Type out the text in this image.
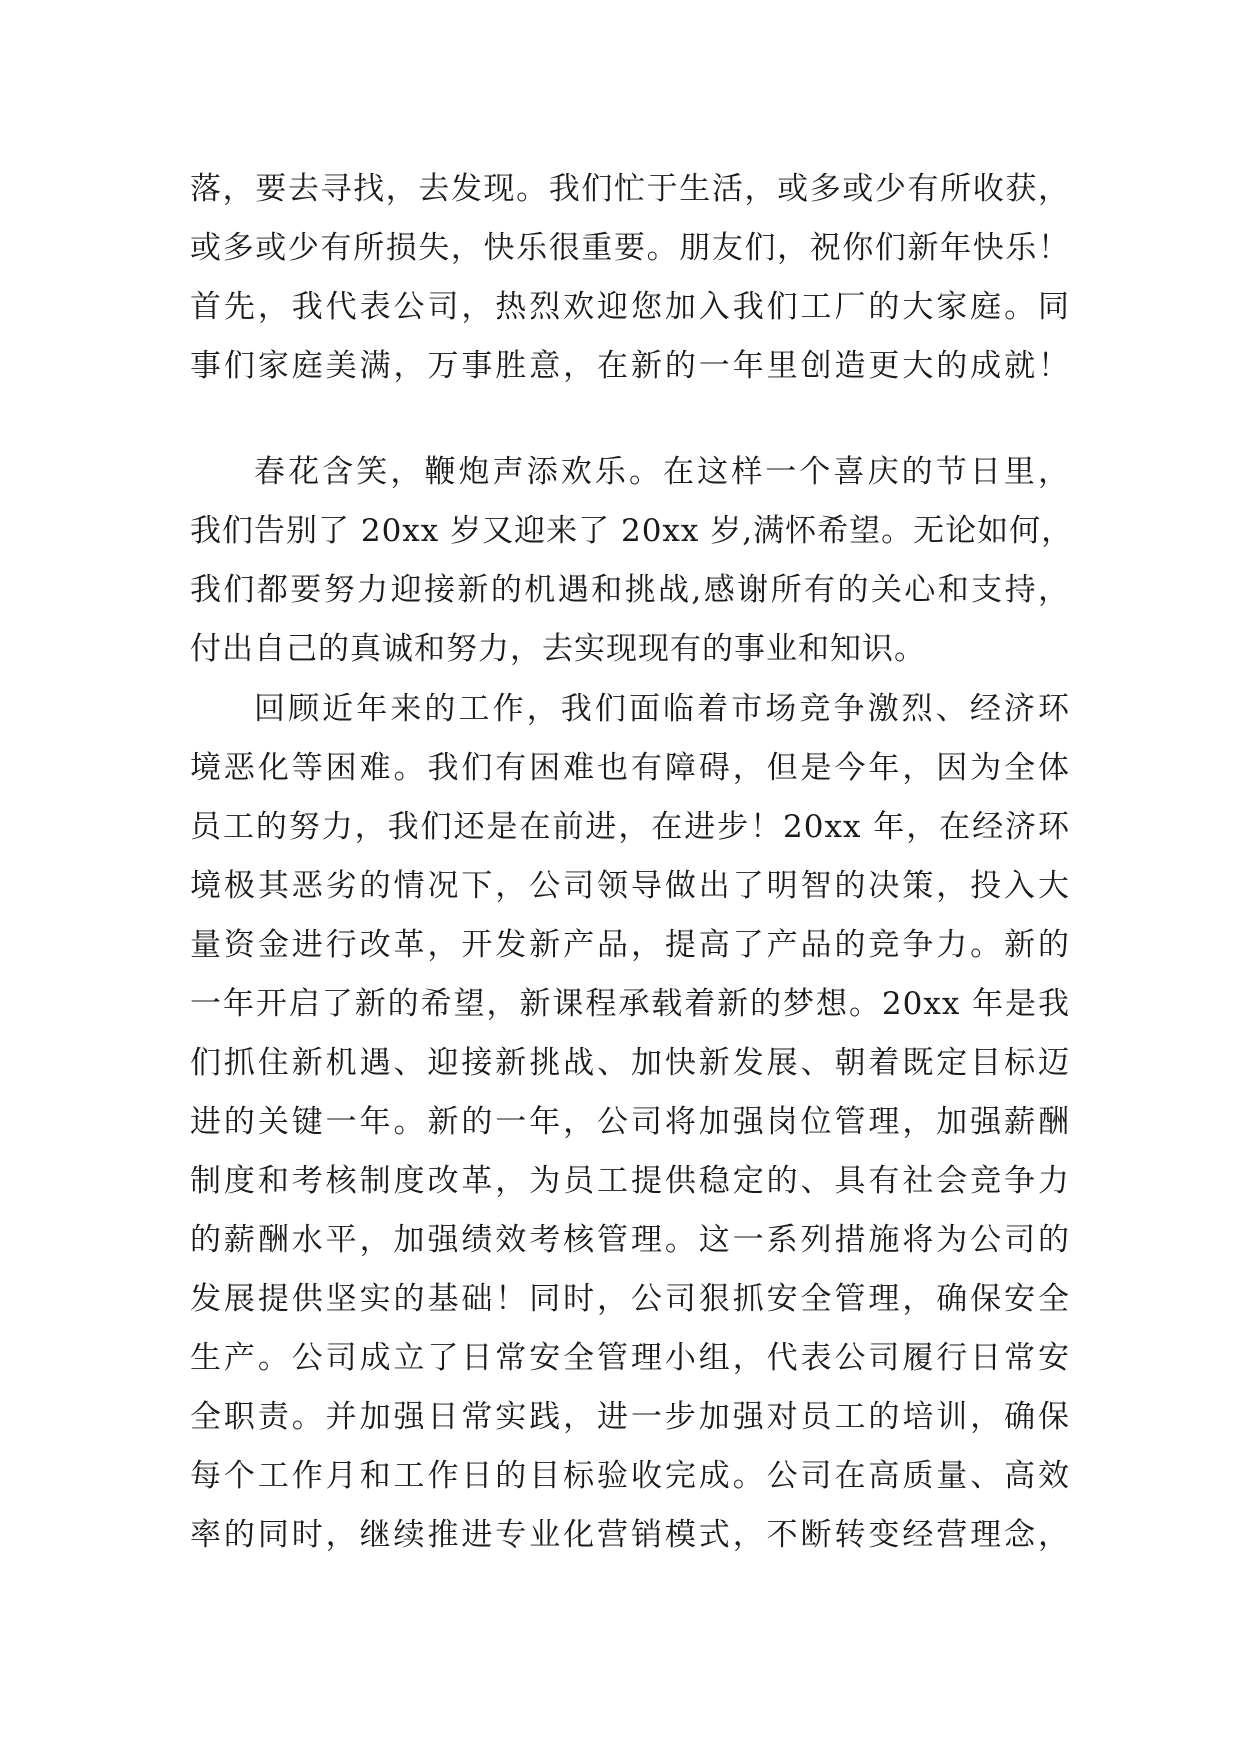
落，要去寻找，去发现。我们忙于生活，或多或少有所收获，
或多或少有所损失，快乐很重要。朋友们，祝你们新年快乐！
首先，我代表公司，热烈欢迎您加入我们工厂的大家庭。同
事们家庭美满，万事胜意，在新的一年里创造更大的成就！
春花含笑，鞭炮声添欢乐。在这样一个喜庆的节日里，
我们告别了 20xx 岁又迎来了 20xx 岁,满怀希望。无论如何，
我们都要努力迎接新的机遇和挑战,感谢所有的关心和支持，
付出自己的真诚和努力，去实现现有的事业和知识。
回顾近年来的工作，我们面临着市场竞争激烈、经济环
境恶化等困难。我们有困难也有障碍，但是今年，因为全体
员工的努力，我们还是在前进，在进步！20xx 年，在经济环
境极其恶劣的情况下，公司领导做出了明智的决策，投入大
量资金进行改革，开发新产品，提高了产品的竞争力。新的
一年开启了新的希望，新课程承载着新的梦想。20xx 年是我
们抓住新机遇、迎接新挑战、加快新发展、朝着既定目标迈
进的关键一年。新的一年，公司将加强岗位管理，加强薪酬
制度和考核制度改革，为员工提供稳定的、具有社会竞争力
的薪酬水平，加强绩效考核管理。这一系列措施将为公司的
发展提供坚实的基础！同时，公司狠抓安全管理，确保安全
生产。公司成立了日常安全管理小组，代表公司履行日常安
全职责。并加强日常实践，进一步加强对员工的培训，确保
每个工作月和工作日的目标验收完成。公司在高质量、高效
率的同时，继续推进专业化营销模式，不断转变经营理念，
